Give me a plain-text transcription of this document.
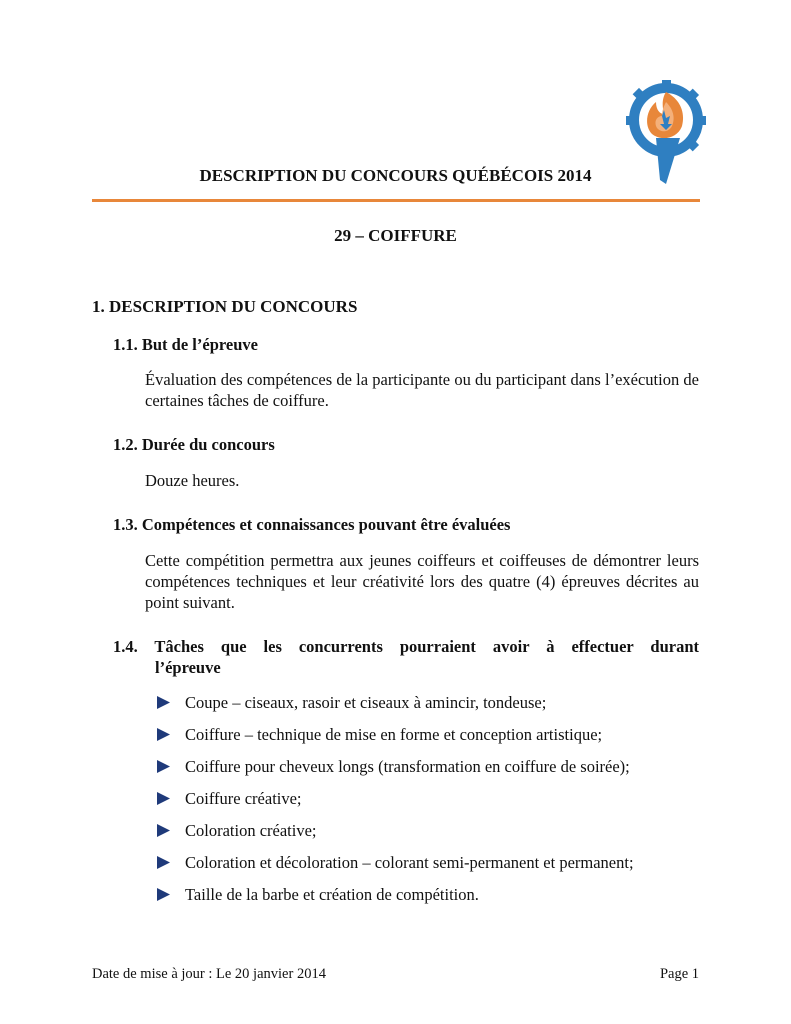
DESCRIPTION DU CONCOURS QUÉBÉCOIS 2014
29 – COIFFURE
1. DESCRIPTION DU CONCOURS
1.1. But de l’épreuve

Évaluation des compétences de la participante ou du participant dans l’exécution de certaines tâches de coiffure.

1.2. Durée du concours

Douze heures.

1.3. Compétences et connaissances pouvant être évaluées

Cette compétition permettra aux jeunes coiffeurs et coiffeuses de démontrer leurs compétences techniques et leur créativité lors des quatre (4) épreuves décrites au point suivant.

1.4. Tâches que les concurrents pourraient avoir à effectuer durant
l’épreuve
Coupe – ciseaux, rasoir et ciseaux à amincir, tondeuse;
Coiffure – technique de mise en forme et conception artistique;
Coiffure pour cheveux longs (transformation en coiffure de soirée);
Coiffure créative;
Coloration créative;
Coloration et décoloration – colorant semi-permanent et permanent;
Taille de la barbe et création de compétition.

Date de mise à jour : Le 20 janvier 2014	Page 1
